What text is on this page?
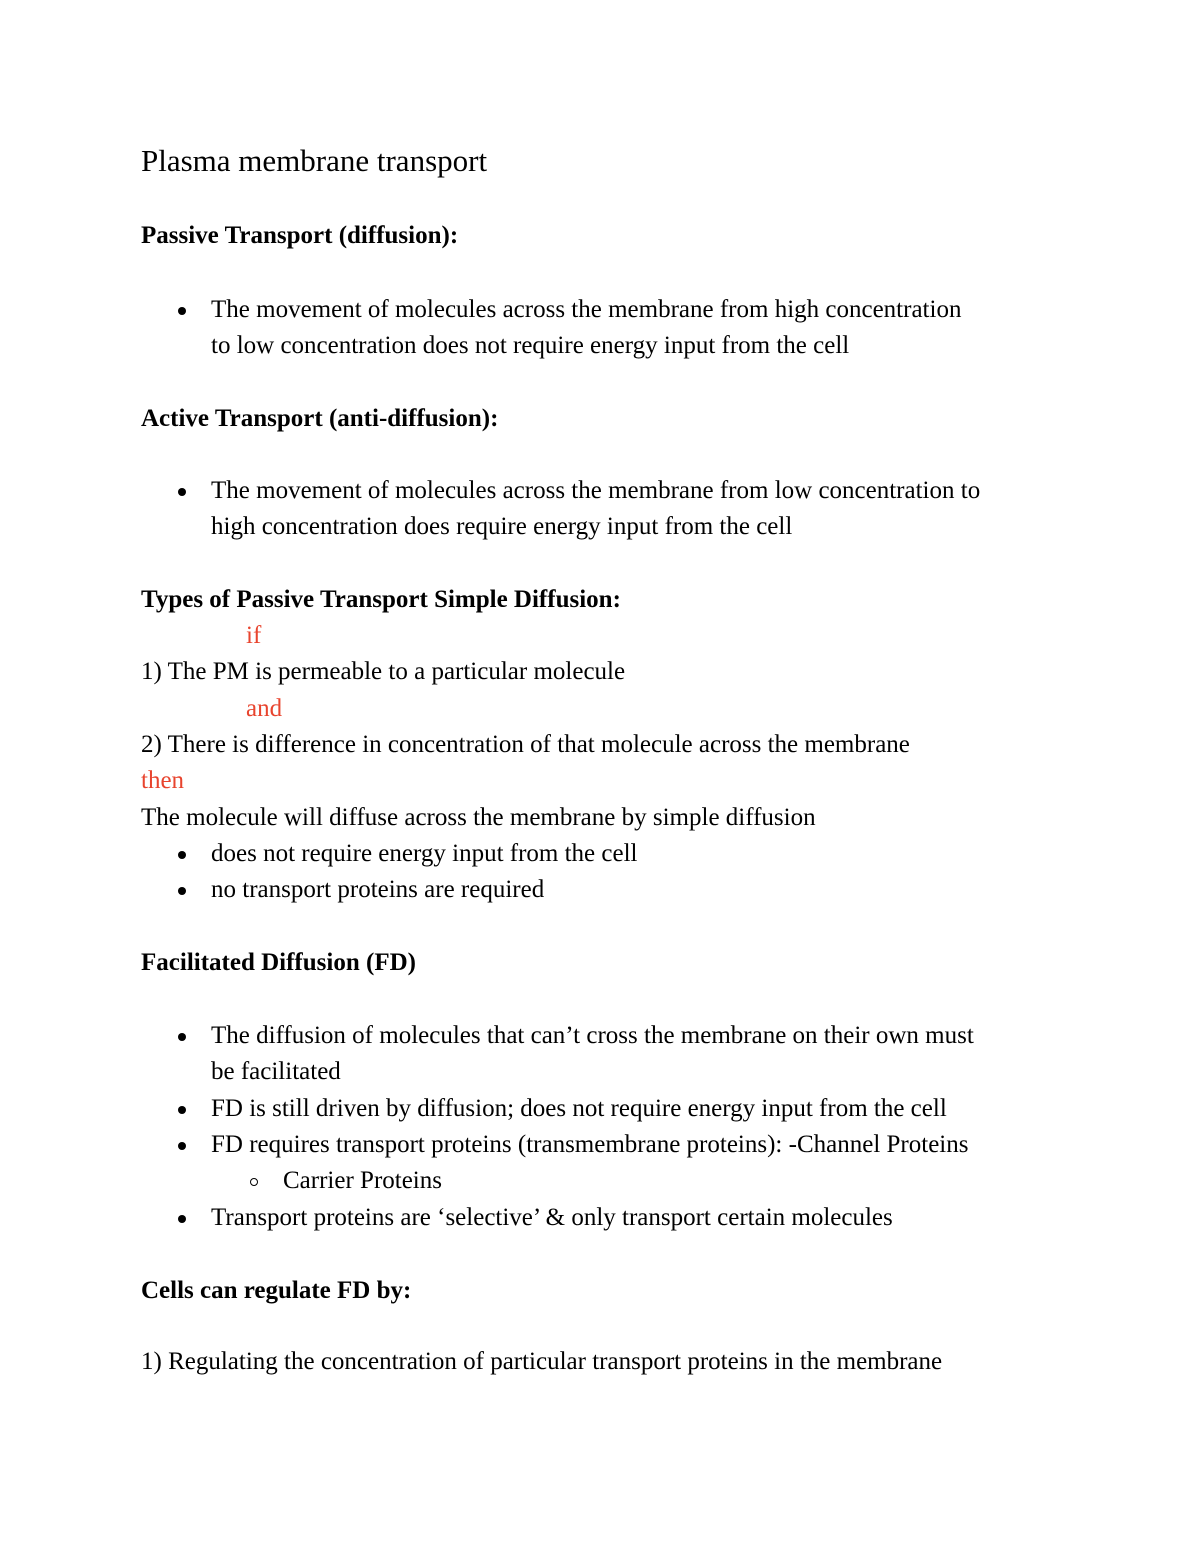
Plasma membrane transport

Passive Transport (diffusion):

The movement of molecules across the membrane from high concentration

to low concentration does not require energy input from the cell

Active Transport (anti-diffusion):

The movement of molecules across the membrane from low concentration to

high concentration does require energy input from the cell

Types of Passive Transport Simple Diffusion:

if

1) The PM is permeable to a particular molecule

and

2) There is difference in concentration of that molecule across the membrane

then

The molecule will diffuse across the membrane by simple diffusion

does not require energy input from the cell

no transport proteins are required

Facilitated Diffusion (FD)

The diffusion of molecules that can’t cross the membrane on their own must

be facilitated

FD is still driven by diffusion; does not require energy input from the cell

FD requires transport proteins (transmembrane proteins): -Channel Proteins

Carrier Proteins

Transport proteins are ‘selective’ & only transport certain molecules

Cells can regulate FD by:

1) Regulating the concentration of particular transport proteins in the membrane
